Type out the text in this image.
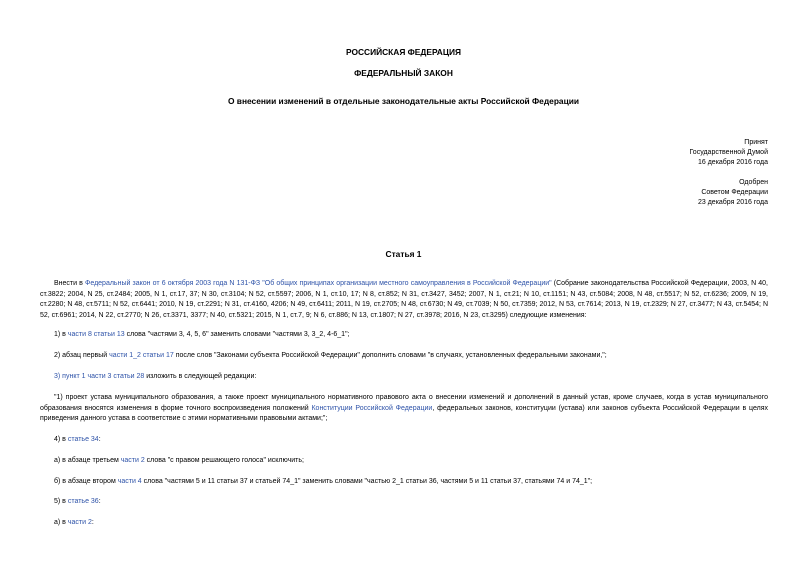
РОССИЙСКАЯ ФЕДЕРАЦИЯ
ФЕДЕРАЛЬНЫЙ ЗАКОН
О внесении изменений в отдельные законодательные акты Российской Федерации
Принят
Государственной Думой
16 декабря 2016 года
Одобрен
Советом Федерации
23 декабря 2016 года
Статья 1
Внести в Федеральный закон от 6 октября 2003 года N 131-ФЗ "Об общих принципах организации местного самоуправления в Российской Федерации" (Собрание законодательства Российской Федерации, 2003, N 40, ст.3822; 2004, N 25, ст.2484; 2005, N 1, ст.17, 37; N 30, ст.3104; N 52, ст.5597; 2006, N 1, ст.10, 17; N 8, ст.852; N 31, ст.3427, 3452; 2007, N 1, ст.21; N 10, ст.1151; N 43, ст.5084; 2008, N 48, ст.5517; N 52, ст.6236; 2009, N 19, ст.2280; N 48, ст.5711; N 52, ст.6441; 2010, N 19, ст.2291; N 31, ст.4160, 4206; N 49, ст.6411; 2011, N 19, ст.2705; N 48, ст.6730; N 49, ст.7039; N 50, ст.7359; 2012, N 53, ст.7614; 2013, N 19, ст.2329; N 27, ст.3477; N 43, ст.5454; N 52, ст.6961; 2014, N 22, ст.2770; N 26, ст.3371, 3377; N 40, ст.5321; 2015, N 1, ст.7, 9; N 6, ст.886; N 13, ст.1807; N 27, ст.3978; 2016, N 23, ст.3295) следующие изменения:
1) в части 8 статьи 13 слова "частями 3, 4, 5, 6" заменить словами "частями 3, 3_2, 4-6_1";
2) абзац первый части 1_2 статьи 17 после слов "Законами субъекта Российской Федерации" дополнить словами "в случаях, установленных федеральными законами,";
3) пункт 1 части 3 статьи 28 изложить в следующей редакции:
"1) проект устава муниципального образования, а также проект муниципального нормативного правового акта о внесении изменений и дополнений в данный устав, кроме случаев, когда в устав муниципального образования вносятся изменения в форме точного воспроизведения положений Конституции Российской Федерации, федеральных законов, конституции (устава) или законов субъекта Российской Федерации в целях приведения данного устава в соответствие с этими нормативными правовыми актами;";
4) в статье 34:
а) в абзаце третьем части 2 слова "с правом решающего голоса" исключить;
б) в абзаце втором части 4 слова "частями 5 и 11 статьи 37 и статьей 74_1" заменить словами "частью 2_1 статьи 36, частями 5 и 11 статьи 37, статьями 74 и 74_1";
5) в статье 36:
а) в части 2:
